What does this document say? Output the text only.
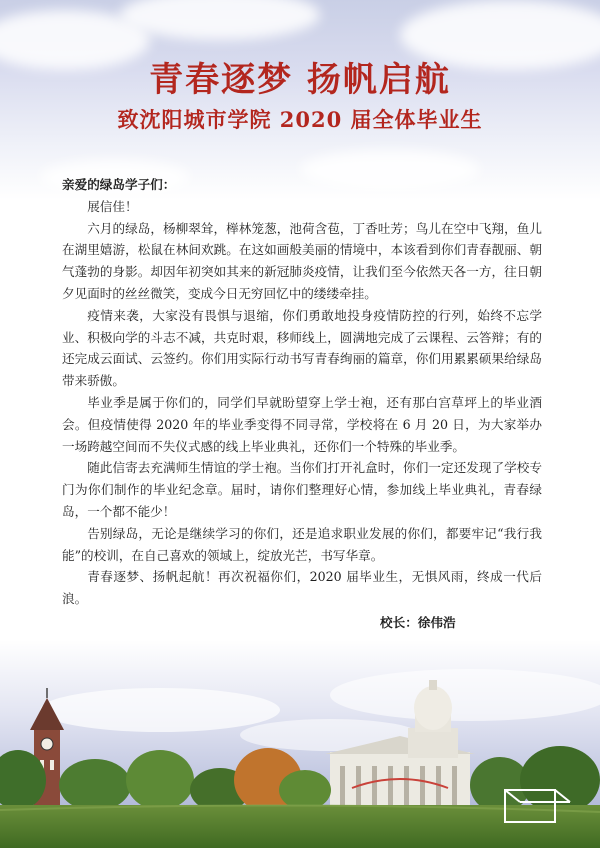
青春逐梦 扬帆启航
致沈阳城市学院 2020 届全体毕业生

亲爱的绿岛学子们：

展信佳！

六月的绿岛，杨柳翠耸，榉林笼葱，池荷含苞，丁香吐芳；鸟儿在空中飞翔，鱼儿在湖里嬉游，松鼠在林间欢跳。在这如画般美丽的情境中，本该看到你们青春靓丽、朝气蓬勃的身影。却因年初突如其来的新冠肺炎疫情，让我们至今依然天各一方，往日朝夕见面时的丝丝微笑，变成今日无穷回忆中的缕缕牵挂。

疫情来袭，大家没有畏惧与退缩，你们勇敢地投身疫情防控的行列，始终不忘学业、积极向学的斗志不减，共克时艰，移师线上，圆满地完成了云课程、云答辩；有的还完成云面试、云签约。你们用实际行动书写青春绚丽的篇章，你们用累累硕果给绿岛带来骄傲。

毕业季是属于你们的，同学们早就盼望穿上学士袍，还有那白宫草坪上的毕业酒会。但疫情使得 2020 年的毕业季变得不同寻常，学校将在 6 月 20 日，为大家举办一场跨越空间而不失仪式感的线上毕业典礼，还你们一个特殊的毕业季。

随此信寄去充满师生情谊的学士袍。当你们打开礼盒时，你们一定还发现了学校专门为你们制作的毕业纪念章。届时，请你们整理好心情，参加线上毕业典礼，青春绿岛，一个都不能少！

告别绿岛，无论是继续学习的你们，还是追求职业发展的你们，都要牢记“我行我能”的校训，在自己喜欢的领域上，绽放光芒，书写华章。

青春逐梦、扬帆起航！再次祝福你们，2020 届毕业生，无惧风雨，终成一代后浪。

校长：徐伟浩
